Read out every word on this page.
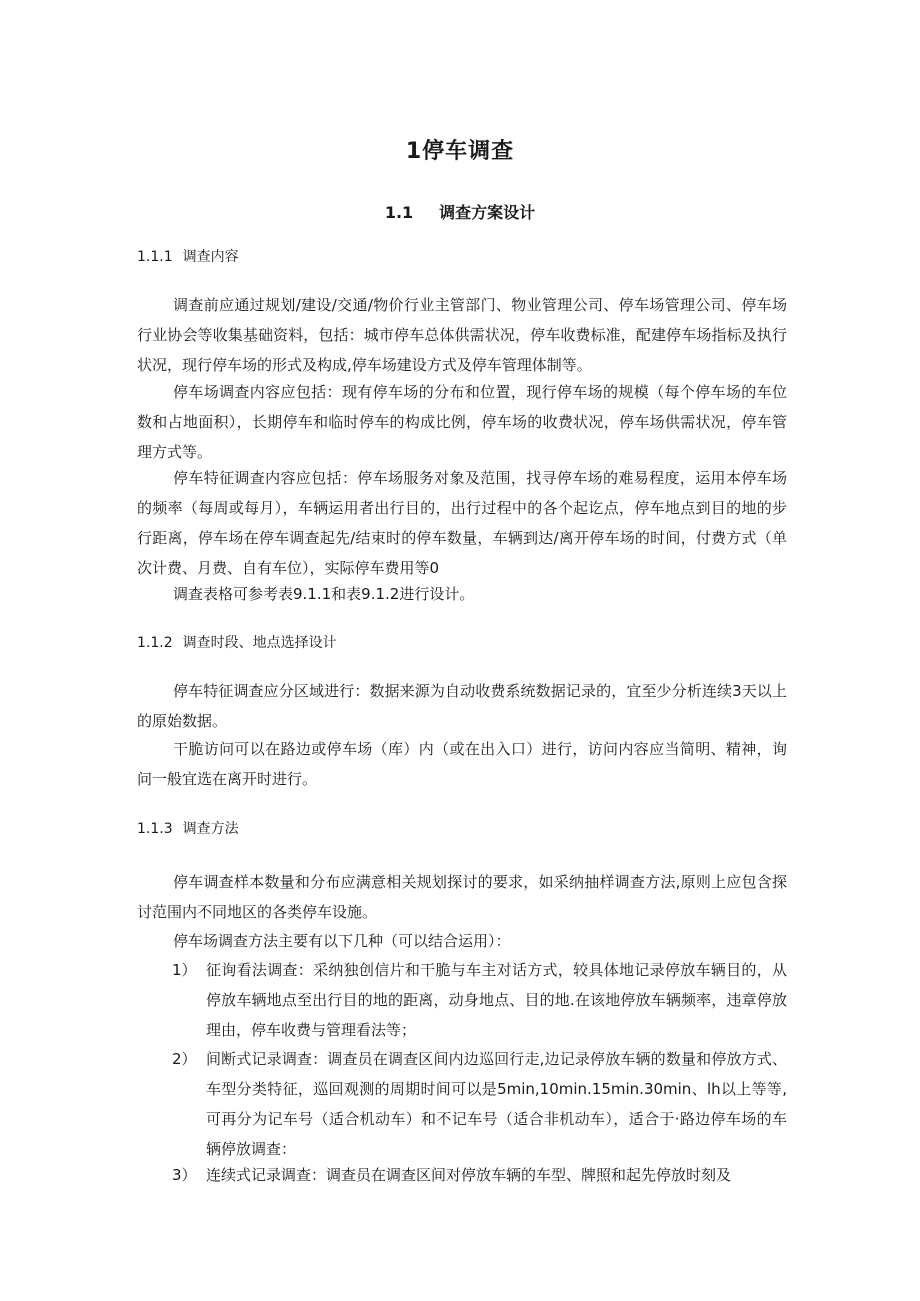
1停车调查
1.1 调查方案设计
1.1.1 调查内容
调查前应通过规划/建设/交通/物价行业主管部门、物业管理公司、停车场管理公司、停车场行业协会等收集基础资料，包括：城市停车总体供需状况，停车收费标准，配建停车场指标及执行状况，现行停车场的形式及构成,停车场建设方式及停车管理体制等。
停车场调查内容应包括：现有停车场的分布和位置，现行停车场的规模（每个停车场的车位数和占地面积），长期停车和临时停车的构成比例，停车场的收费状况，停车场供需状况，停车管理方式等。
停车特征调查内容应包括：停车场服务对象及范围，找寻停车场的难易程度，运用本停车场的频率（每周或每月），车辆运用者出行目的，出行过程中的各个起讫点，停车地点到目的地的步行距离，停车场在停车调查起先/结束时的停车数量，车辆到达/离开停车场的时间，付费方式（单次计费、月费、自有车位），实际停车费用等0
调查表格可参考表9.1.1和表9.1.2进行设计。
1.1.2 调查时段、地点选择设计
停车特征调查应分区域进行：数据来源为自动收费系统数据记录的，宜至少分析连续3天以上的原始数据。
干脆访问可以在路边或停车场（库）内（或在出入口）进行，访问内容应当简明、精神，询问一般宜选在离开时进行。
1.1.3 调查方法
停车调查样本数量和分布应满意相关规划探讨的要求，如采纳抽样调查方法,原则上应包含探讨范围内不同地区的各类停车设施。
停车场调查方法主要有以下几种（可以结合运用）：
1） 征询看法调查：采纳独创信片和干脆与车主对话方式，较具体地记录停放车辆目的，从停放车辆地点至出行目的地的距离，动身地点、目的地.在该地停放车辆频率，违章停放理由，停车收费与管理看法等；
2） 间断式记录调查：调查员在调查区间内边巡回行走,边记录停放车辆的数量和停放方式、车型分类特征，巡回观测的周期时间可以是5min,10min.15min.30min、lh以上等等,可再分为记车号（适合机动车）和不记车号（适合非机动车），适合于·路边停车场的车辆停放调查：
3） 连续式记录调查：调查员在调查区间对停放车辆的车型、牌照和起先停放时刻及
